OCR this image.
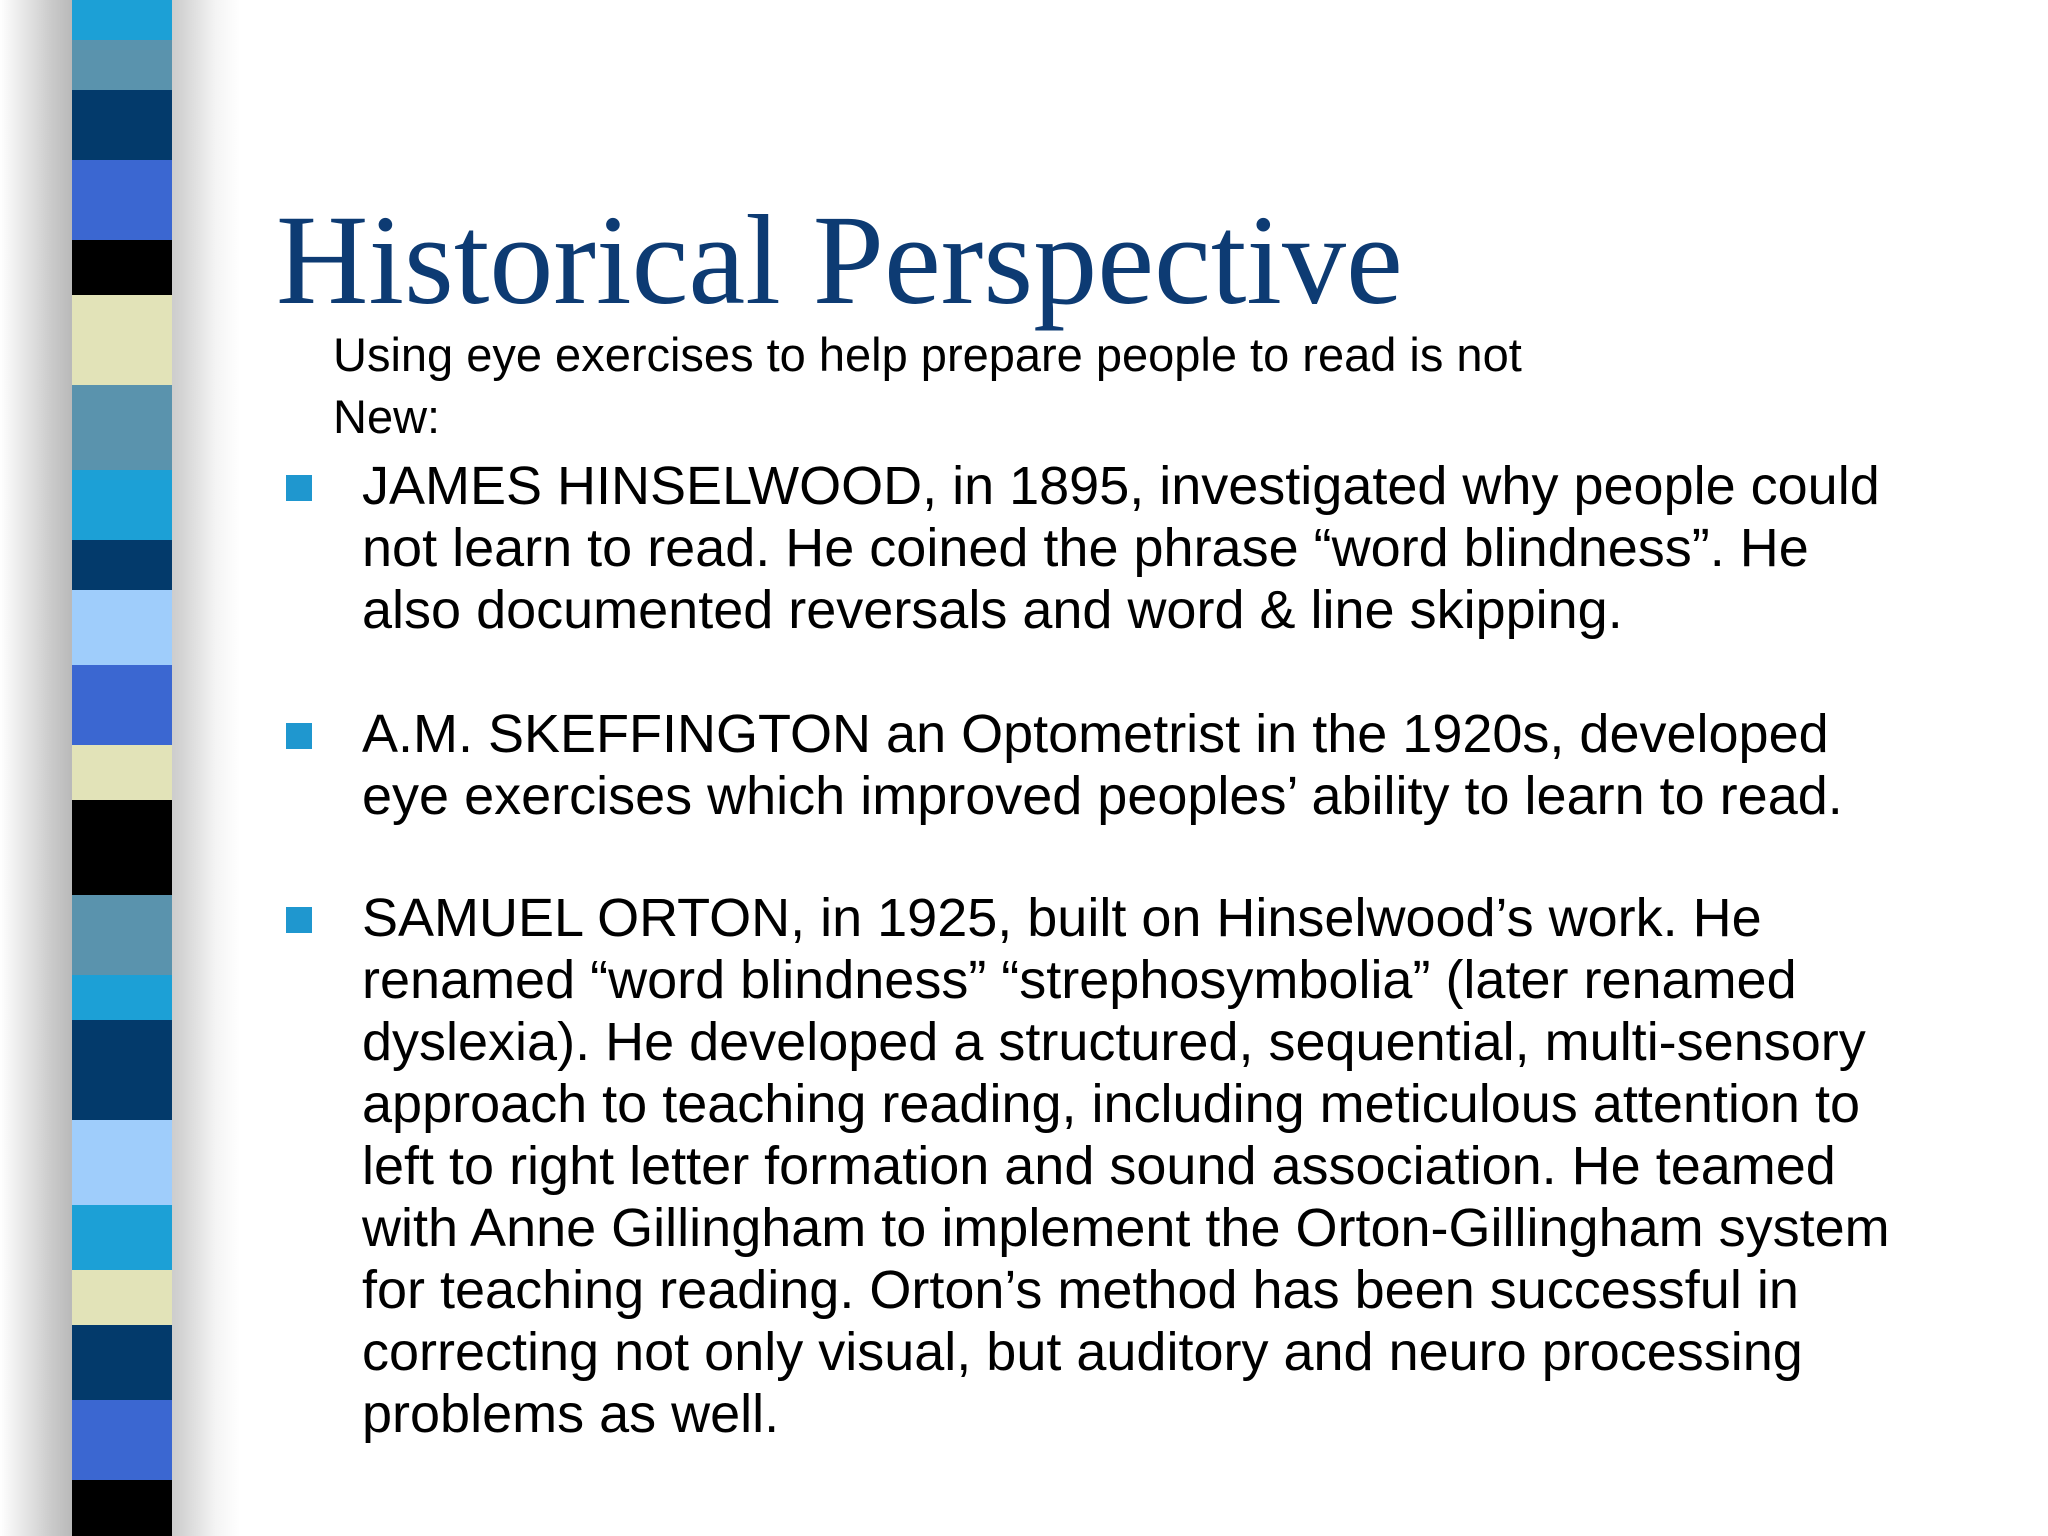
Historical Perspective

Using eye exercises to help prepare people to read is not
New:

JAMES HINSELWOOD, in 1895, investigated why people could
not learn to read. He coined the phrase “word blindness”. He
also documented reversals and word & line skipping.

A.M. SKEFFINGTON an Optometrist in the 1920s, developed
eye exercises which improved peoples’ ability to learn to read.

SAMUEL ORTON, in 1925, built on Hinselwood’s work. He
renamed “word blindness” “strephosymbolia” (later renamed
dyslexia). He developed a structured, sequential, multi-sensory
approach to teaching reading, including meticulous attention to
left to right letter formation and sound association. He teamed
with Anne Gillingham to implement the Orton-Gillingham system
for teaching reading. Orton’s method has been successful in
correcting not only visual, but auditory and neuro processing
problems as well.
